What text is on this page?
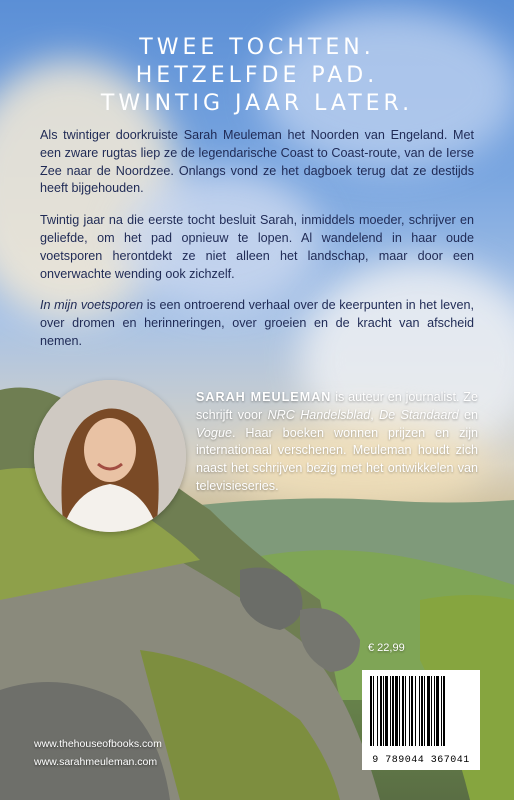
TWEE TOCHTEN.
HETZELFDE PAD.
TWINTIG JAAR LATER.

Als twintiger doorkruiste Sarah Meuleman het Noorden van Engeland. Met een zware rugtas liep ze de legendarische Coast to Coast-route, van de Ierse Zee naar de Noordzee. Onlangs vond ze het dagboek terug dat ze destijds heeft bijgehouden.

Twintig jaar na die eerste tocht besluit Sarah, inmiddels moeder, schrijver en geliefde, om het pad opnieuw te lopen. Al wandelend in haar oude voetsporen herontdekt ze niet alleen het landschap, maar door een onverwachte wending ook zichzelf.

In mijn voetsporen is een ontroerend verhaal over de keerpunten in het leven, over dromen en herinneringen, over groeien en de kracht van afscheid nemen.

SARAH MEULEMAN is auteur en journalist. Ze schrijft voor NRC Handelsblad, De Standaard en Vogue. Haar boeken wonnen prijzen en zijn internationaal verschenen. Meuleman houdt zich naast het schrijven bezig met het ontwikkelen van televisieseries.
€ 22,99
9 789044 367041
www.thehouseofbooks.com
www.sarahmeuleman.com
